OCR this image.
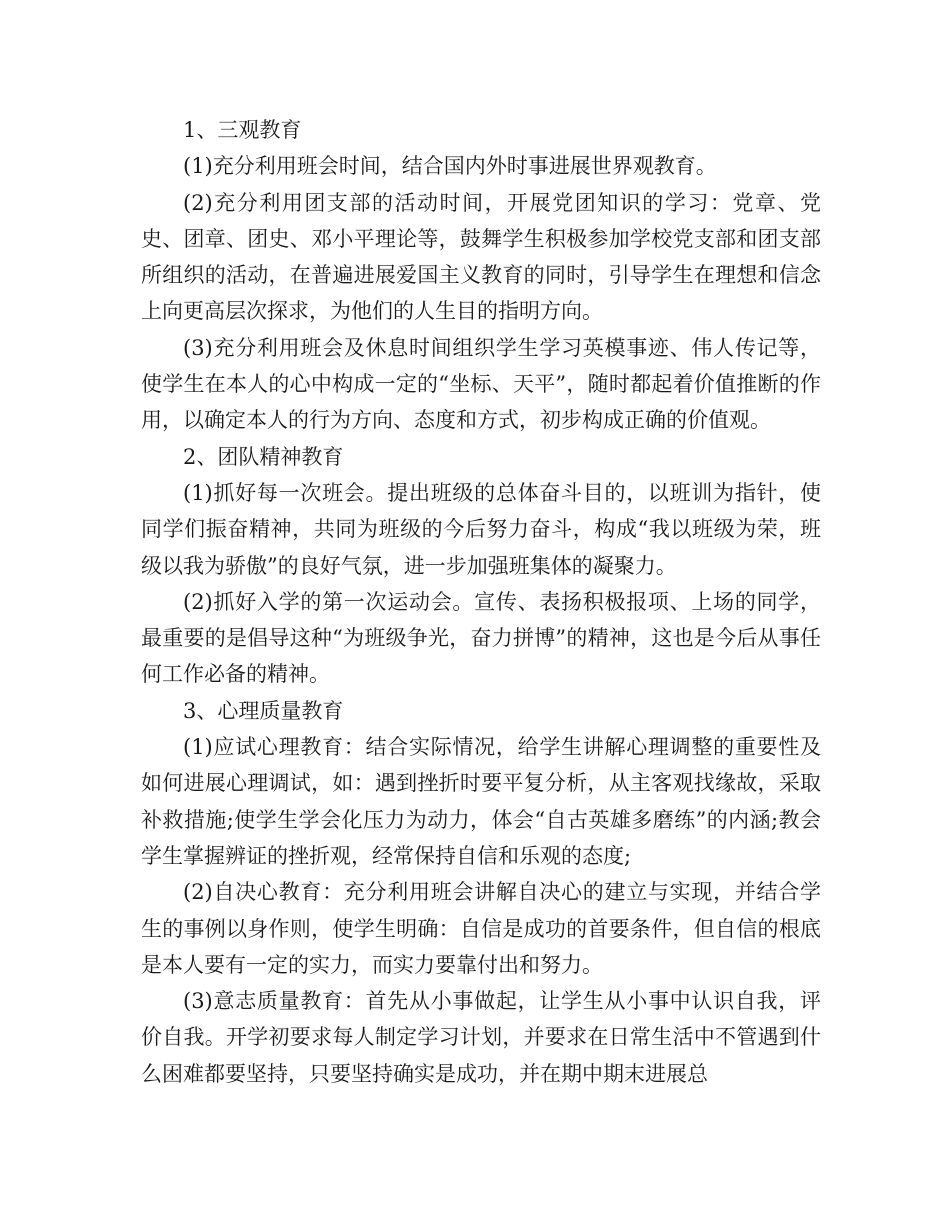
1、三观教育

(1)充分利用班会时间，结合国内外时事进展世界观教育。

(2)充分利用团支部的活动时间，开展党团知识的学习：党章、党史、团章、团史、邓小平理论等，鼓舞学生积极参加学校党支部和团支部所组织的活动，在普遍进展爱国主义教育的同时，引导学生在理想和信念上向更高层次探求，为他们的人生目的指明方向。

(3)充分利用班会及休息时间组织学生学习英模事迹、伟人传记等，使学生在本人的心中构成一定的“坐标、天平”，随时都起着价值推断的作用，以确定本人的行为方向、态度和方式，初步构成正确的价值观。

2、团队精神教育

(1)抓好每一次班会。提出班级的总体奋斗目的，以班训为指针，使同学们振奋精神，共同为班级的今后努力奋斗，构成“我以班级为荣，班级以我为骄傲”的良好气氛，进一步加强班集体的凝聚力。

(2)抓好入学的第一次运动会。宣传、表扬积极报项、上场的同学，最重要的是倡导这种“为班级争光，奋力拼博”的精神，这也是今后从事任何工作必备的精神。

3、心理质量教育

(1)应试心理教育：结合实际情况，给学生讲解心理调整的重要性及如何进展心理调试，如：遇到挫折时要平复分析，从主客观找缘故，采取补救措施;使学生学会化压力为动力，体会“自古英雄多磨练”的内涵;教会学生掌握辨证的挫折观，经常保持自信和乐观的态度;

(2)自决心教育：充分利用班会讲解自决心的建立与实现，并结合学生的事例以身作则，使学生明确：自信是成功的首要条件，但自信的根底是本人要有一定的实力，而实力要靠付出和努力。

(3)意志质量教育：首先从小事做起，让学生从小事中认识自我，评价自我。开学初要求每人制定学习计划，并要求在日常生活中不管遇到什么困难都要坚持，只要坚持确实是成功，并在期中期末进展总
